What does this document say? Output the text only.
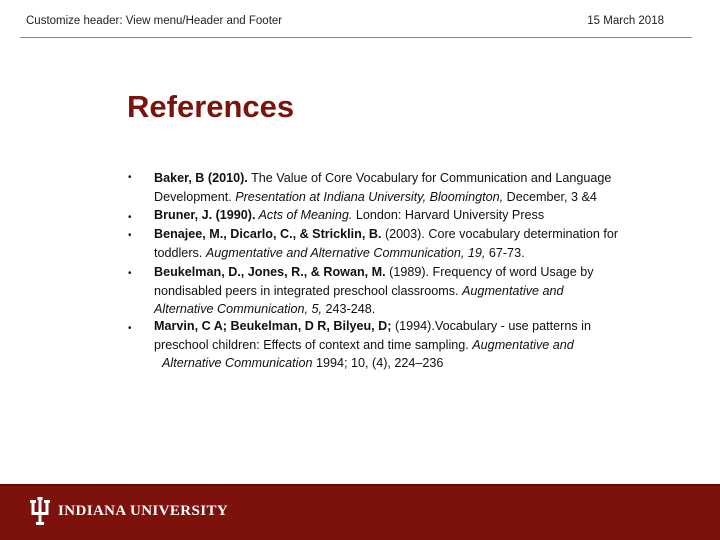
Customize header: View menu/Header and Footer	15 March 2018
References
• Baker, B (2010). The Value of Core Vocabulary for Communication and Language
Development. Presentation at Indiana University, Bloomington, December, 3 &4
• Bruner, J. (1990). Acts of Meaning. London: Harvard University Press
• Benajee, M., Dicarlo, C., & Stricklin, B. (2003). Core vocabulary determination for
toddlers. Augmentative and Alternative Communication, 19, 67-73.
• Beukelman, D., Jones, R., & Rowan, M. (1989). Frequency of word Usage by
nondisabled peers in integrated preschool classrooms. Augmentative and
Alternative Communication, 5, 243-248.
• Marvin, C A; Beukelman, D R, Bilyeu, D; (1994).Vocabulary - use patterns in
preschool children: Effects of context and time sampling. Augmentative and
Alternative Communication 1994; 10, (4), 224–236
INDIANA UNIVERSITY
